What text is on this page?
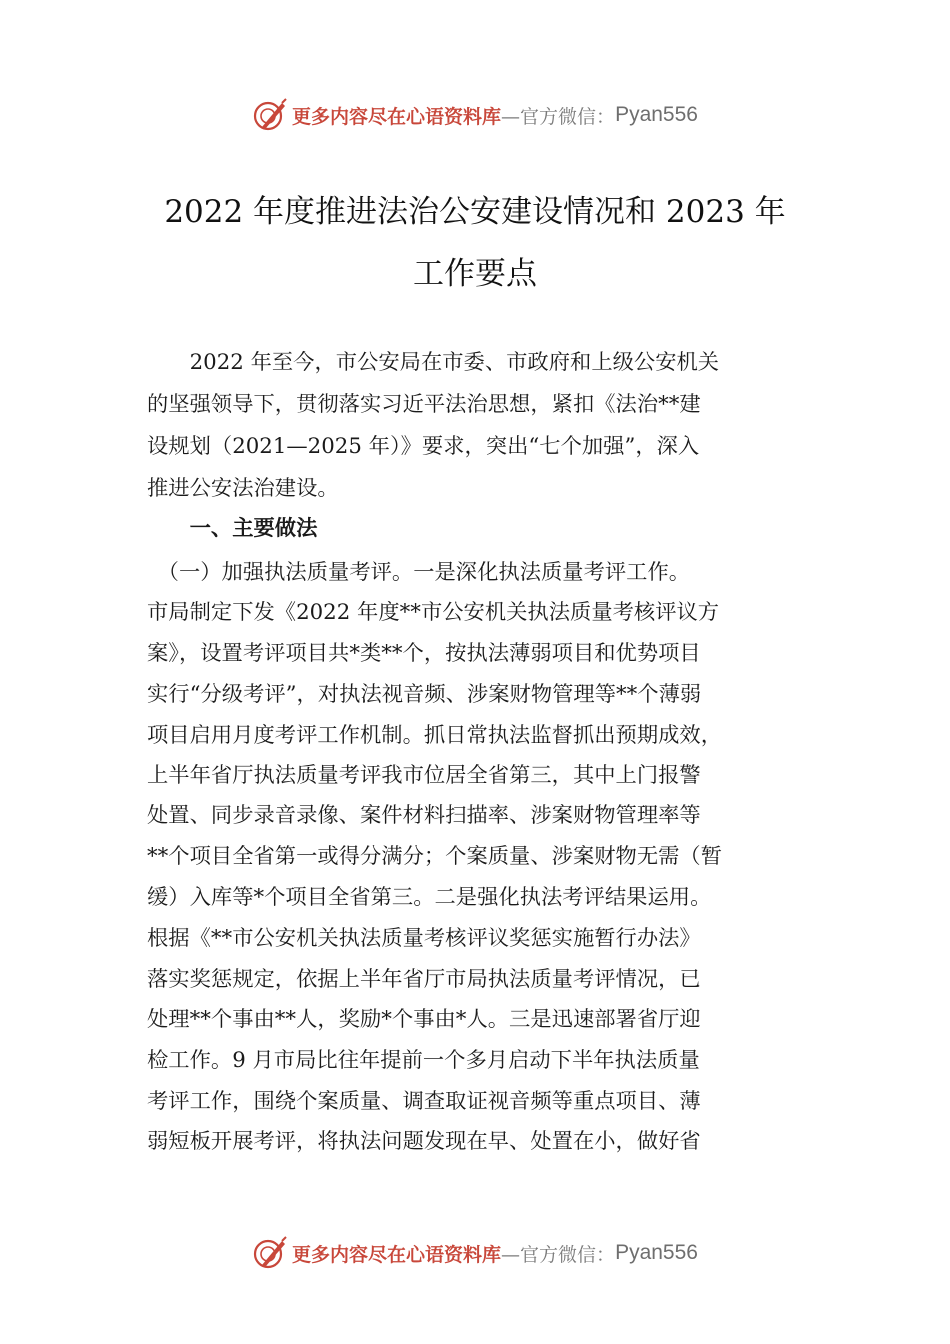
更多内容尽在心语资料库 —官方微信： Pyan556
2022 年度推进法治公安建设情况和 2023 年
工作要点
　　2022 年至今，市公安局在市委、市政府和上级公安机关
的坚强领导下，贯彻落实习近平法治思想，紧扣《法治**建
设规划（2021—2025 年）》要求，突出“七个加强”，深入
推进公安法治建设。
　　一、主要做法
　（一）加强执法质量考评。一是深化执法质量考评工作。
市局制定下发《2022 年度**市公安机关执法质量考核评议方
案》，设置考评项目共*类**个，按执法薄弱项目和优势项目
实行“分级考评”，对执法视音频、涉案财物管理等**个薄弱
项目启用月度考评工作机制。抓日常执法监督抓出预期成效，
上半年省厅执法质量考评我市位居全省第三，其中上门报警
处置、同步录音录像、案件材料扫描率、涉案财物管理率等
**个项目全省第一或得分满分；个案质量、涉案财物无需（暂
缓）入库等*个项目全省第三。二是强化执法考评结果运用。
根据《**市公安机关执法质量考核评议奖惩实施暂行办法》
落实奖惩规定，依据上半年省厅市局执法质量考评情况，已
处理**个事由**人，奖励*个事由*人。三是迅速部署省厅迎
检工作。9 月市局比往年提前一个多月启动下半年执法质量
考评工作，围绕个案质量、调查取证视音频等重点项目、薄
弱短板开展考评，将执法问题发现在早、处置在小，做好省
更多内容尽在心语资料库 —官方微信： Pyan556
